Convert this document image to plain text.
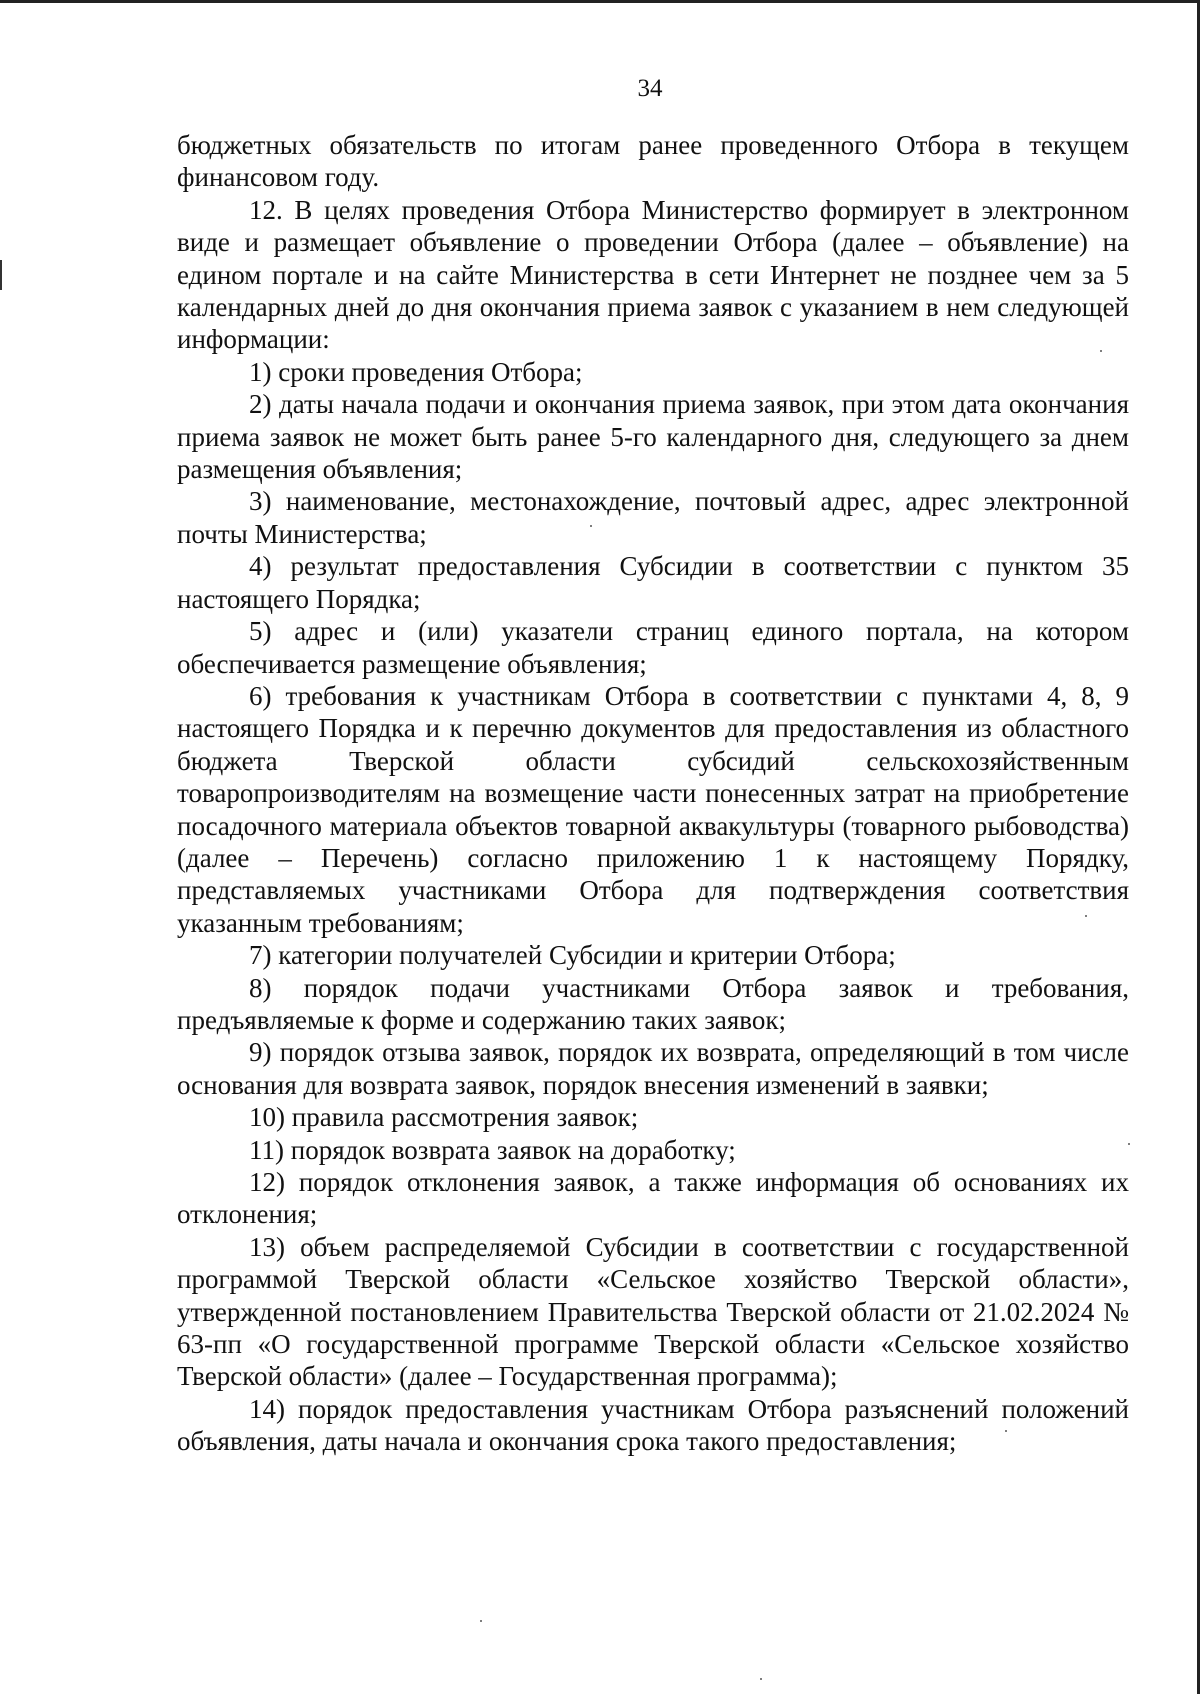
34

бюджетных обязательств по итогам ранее проведенного Отбора в текущем финансовом году.

12. В целях проведения Отбора Министерство формирует в электронном виде и размещает объявление о проведении Отбора (далее – объявление) на едином портале и на сайте Министерства в сети Интернет не позднее чем за 5 календарных дней до дня окончания приема заявок с указанием в нем следующей информации:

1) сроки проведения Отбора;

2) даты начала подачи и окончания приема заявок, при этом дата окончания приема заявок не может быть ранее 5-го календарного дня, следующего за днем размещения объявления;

3) наименование, местонахождение, почтовый адрес, адрес электронной почты Министерства;

4) результат предоставления Субсидии в соответствии с пунктом 35 настоящего Порядка;

5) адрес и (или) указатели страниц единого портала, на котором обеспечивается размещение объявления;

6) требования к участникам Отбора в соответствии с пунктами 4, 8, 9 настоящего Порядка и к перечню документов для предоставления из областного бюджета Тверской области субсидий сельскохозяйственным товаропроизводителям на возмещение части понесенных затрат на приобретение посадочного материала объектов товарной аквакультуры (товарного рыбоводства) (далее – Перечень) согласно приложению 1 к настоящему Порядку, представляемых участниками Отбора для подтверждения соответствия указанным требованиям;

7) категории получателей Субсидии и критерии Отбора;

8) порядок подачи участниками Отбора заявок и требования, предъявляемые к форме и содержанию таких заявок;

9) порядок отзыва заявок, порядок их возврата, определяющий в том числе основания для возврата заявок, порядок внесения изменений в заявки;

10) правила рассмотрения заявок;

11) порядок возврата заявок на доработку;

12) порядок отклонения заявок, а также информация об основаниях их отклонения;

13) объем распределяемой Субсидии в соответствии с государственной программой Тверской области «Сельское хозяйство Тверской области», утвержденной постановлением Правительства Тверской области от 21.02.2024 № 63-пп «О государственной программе Тверской области «Сельское хозяйство Тверской области» (далее – Государственная программа);

14) порядок предоставления участникам Отбора разъяснений положений объявления, даты начала и окончания срока такого предоставления;
